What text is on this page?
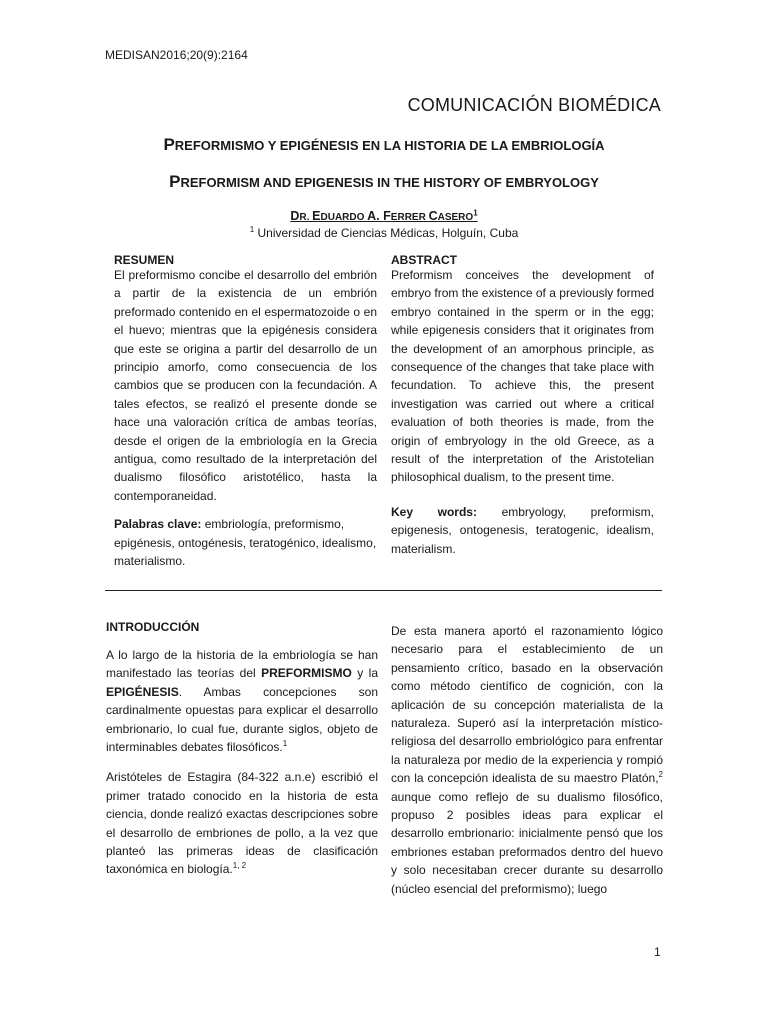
MEDISAN2016;20(9):2164
COMUNICACIÓN BIOMÉDICA
PREFORMISMO Y EPIGÉNESIS EN LA HISTORIA DE LA EMBRIOLOGÍA
PREFORMISM AND EPIGENESIS IN THE HISTORY OF EMBRYOLOGY
DR. EDUARDO A. FERRER CASERO$^1$
$^1$ Universidad de Ciencias Médicas, Holguín, Cuba
RESUMEN
El preformismo concibe el desarrollo del embrión a partir de la existencia de un embrión preformado contenido en el espermatozoide o en el huevo; mientras que la epigénesis considera que este se origina a partir del desarrollo de un principio amorfo, como consecuencia de los cambios que se producen con la fecundación. A tales efectos, se realizó el presente donde se hace una valoración crítica de ambas teorías, desde el origen de la embriología en la Grecia antigua, como resultado de la interpretación del dualismo filosófico aristotélico, hasta la contemporaneidad.
Palabras clave: embriología, preformismo, epigénesis, ontogénesis, teratogénico, idealismo, materialismo.
ABSTRACT
Preformism conceives the development of embryo from the existence of a previously formed embryo contained in the sperm or in the egg; while epigenesis considers that it originates from the development of an amorphous principle, as consequence of the changes that take place with fecundation. To achieve this, the present investigation was carried out where a critical evaluation of both theories is made, from the origin of embryology in the old Greece, as a result of the interpretation of the Aristotelian philosophical dualism, to the present time.
Key words: embryology, preformism, epigenesis, ontogenesis, teratogenic, idealism, materialism.
INTRODUCCIÓN
A lo largo de la historia de la embriología se han manifestado las teorías del PREFORMISMO y la EPIGÉNESIS. Ambas concepciones son cardinalmente opuestas para explicar el desarrollo embrionario, lo cual fue, durante siglos, objeto de interminables debates filosóficos.$^1$
Aristóteles de Estagira (84-322 a.n.e) escribió el primer tratado conocido en la historia de esta ciencia, donde realizó exactas descripciones sobre el desarrollo de embriones de pollo, a la vez que planteó las primeras ideas de clasificación taxonómica en biología.$^{1, 2}$
De esta manera aportó el razonamiento lógico necesario para el establecimiento de un pensamiento crítico, basado en la observación como método científico de cognición, con la aplicación de su concepción materialista de la naturaleza. Superó así la interpretación místico-religiosa del desarrollo embriológico para enfrentar la naturaleza por medio de la experiencia y rompió con la concepción idealista de su maestro Platón,$^2$ aunque como reflejo de su dualismo filosófico, propuso 2 posibles ideas para explicar el desarrollo embrionario: inicialmente pensó que los embriones estaban preformados dentro del huevo y solo necesitaban crecer durante su desarrollo (núcleo esencial del preformismo); luego
1
